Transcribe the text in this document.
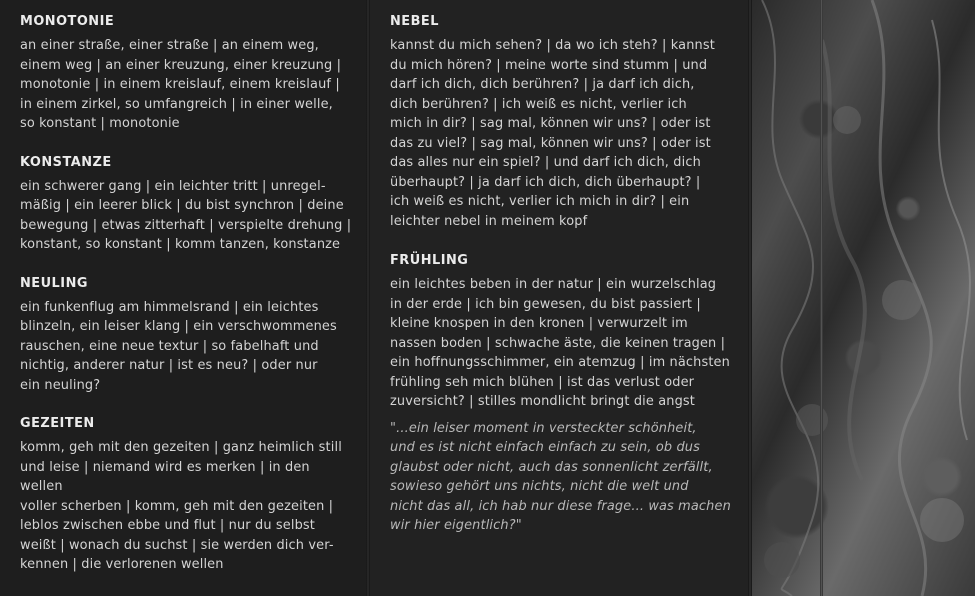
MONOTONIE

an einer straße, einer straße | an einem weg,
einem weg | an einer kreuzung, einer kreuzung |
monotonie | in einem kreislauf, einem kreislauf |
in einem zirkel, so umfangreich | in einer welle,
so konstant | monotonie

KONSTANZE

ein schwerer gang | ein leichter tritt | unregel-
mäßig | ein leerer blick | du bist synchron | deine
bewegung | etwas zitterhaft | verspielte drehung |
konstant, so konstant | komm tanzen, konstanze

NEULING

ein funkenflug am himmelsrand | ein leichtes
blinzeln, ein leiser klang | ein verschwommenes
rauschen, eine neue textur | so fabelhaft und
nichtig, anderer natur | ist es neu? | oder nur
ein neuling?

GEZEITEN

komm, geh mit den gezeiten | ganz heimlich still
und leise | niemand wird es merken | in den wellen
voller scherben | komm, geh mit den gezeiten |
leblos zwischen ebbe und flut | nur du selbst
weißt | wonach du suchst | sie werden dich ver-
kennen | die verlorenen wellen

NEBEL

kannst du mich sehen? | da wo ich steh? | kannst
du mich hören? | meine worte sind stumm | und
darf ich dich, dich berühren? | ja darf ich dich,
dich berühren? | ich weiß es nicht, verlier ich
mich in dir? | sag mal, können wir uns? | oder ist
das zu viel? | sag mal, können wir uns? | oder ist
das alles nur ein spiel? | und darf ich dich, dich
überhaupt? | ja darf ich dich, dich überhaupt? |
ich weiß es nicht, verlier ich mich in dir? | ein
leichter nebel in meinem kopf

FRÜHLING

ein leichtes beben in der natur | ein wurzelschlag
in der erde | ich bin gewesen, du bist passiert |
kleine knospen in den kronen | verwurzelt im
nassen boden | schwache äste, die keinen tragen |
ein hoffnungsschimmer, ein atemzug | im nächsten
frühling seh mich blühen | ist das verlust oder
zuversicht? | stilles mondlicht bringt die angst

"...ein leiser moment in versteckter schönheit,
und es ist nicht einfach einfach zu sein, ob dus
glaubst oder nicht, auch das sonnenlicht zerfällt,
sowieso gehört uns nichts, nicht die welt und
nicht das all, ich hab nur diese frage... was machen
wir hier eigentlich?"
